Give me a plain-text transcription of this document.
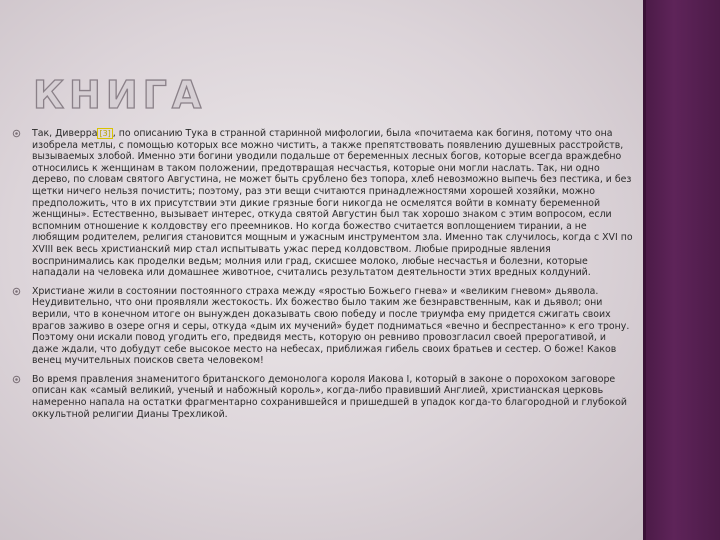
КНИГА

Так, Диверра [3] , по описанию Тука в странной старинной мифологии, была «почитаема как богиня, потому что она изобрела метлы, с помощью которых все можно чистить, а также препятствовать появлению душевных расстройств, вызываемых злобой. Именно эти богини уводили подальше от беременных лесных богов, которые всегда враждебно относились к женщинам в таком положении, предотвращая несчастья, которые они могли наслать. Так, ни одно дерево, по словам святого Августина, не может быть срублено без топора, хлеб невозможно выпечь без пестика, и без щетки ничего нельзя почистить; поэтому, раз эти вещи считаются принадлежностями хорошей хозяйки, можно предположить, что в их присутствии эти дикие грязные боги никогда не осмелятся войти в комнату беременной женщины». Естественно, вызывает интерес, откуда святой Августин был так хорошо знаком с этим вопросом, если вспомним отношение к колдовству его преемников. Но когда божество считается воплощением тирании, а не любящим родителем, религия становится мощным и ужасным инструментом зла. Именно так случилось, когда с XVI по XVIII век весь христианский мир стал испытывать ужас перед колдовством. Любые природные явления воспринимались как проделки ведьм; молния или град, скисшее молоко, любые несчастья и болезни, которые нападали на человека или домашнее животное, считались результатом деятельности этих вредных колдуний.

Христиане жили в состоянии постоянного страха между «яростью Божьего гнева» и «великим гневом» дьявола. Неудивительно, что они проявляли жестокость. Их божество было таким же безнравственным, как и дьявол; они верили, что в конечном итоге он вынужден доказывать свою победу и после триумфа ему придется сжигать своих врагов заживо в озере огня и серы, откуда «дым их мучений» будет подниматься «вечно и беспрестанно» к его трону. Поэтому они искали повод угодить его, предвидя месть, которую он ревниво провозгласил своей прерогативой, и даже ждали, что добудут себе высокое место на небесах, приближая гибель своих братьев и сестер. О боже! Каков венец мучительных поисков света человеком!

Во время правления знаменитого британского демонолога короля Иакова I, который в законе о порохоком заговоре описан как «самый великий, ученый и набожный король», когда-либо правивший Англией, христианская церковь намеренно напала на остатки фрагментарно сохранившейся и пришедшей в упадок когда-то благородной и глубокой оккультной религии Дианы Трехликой.
